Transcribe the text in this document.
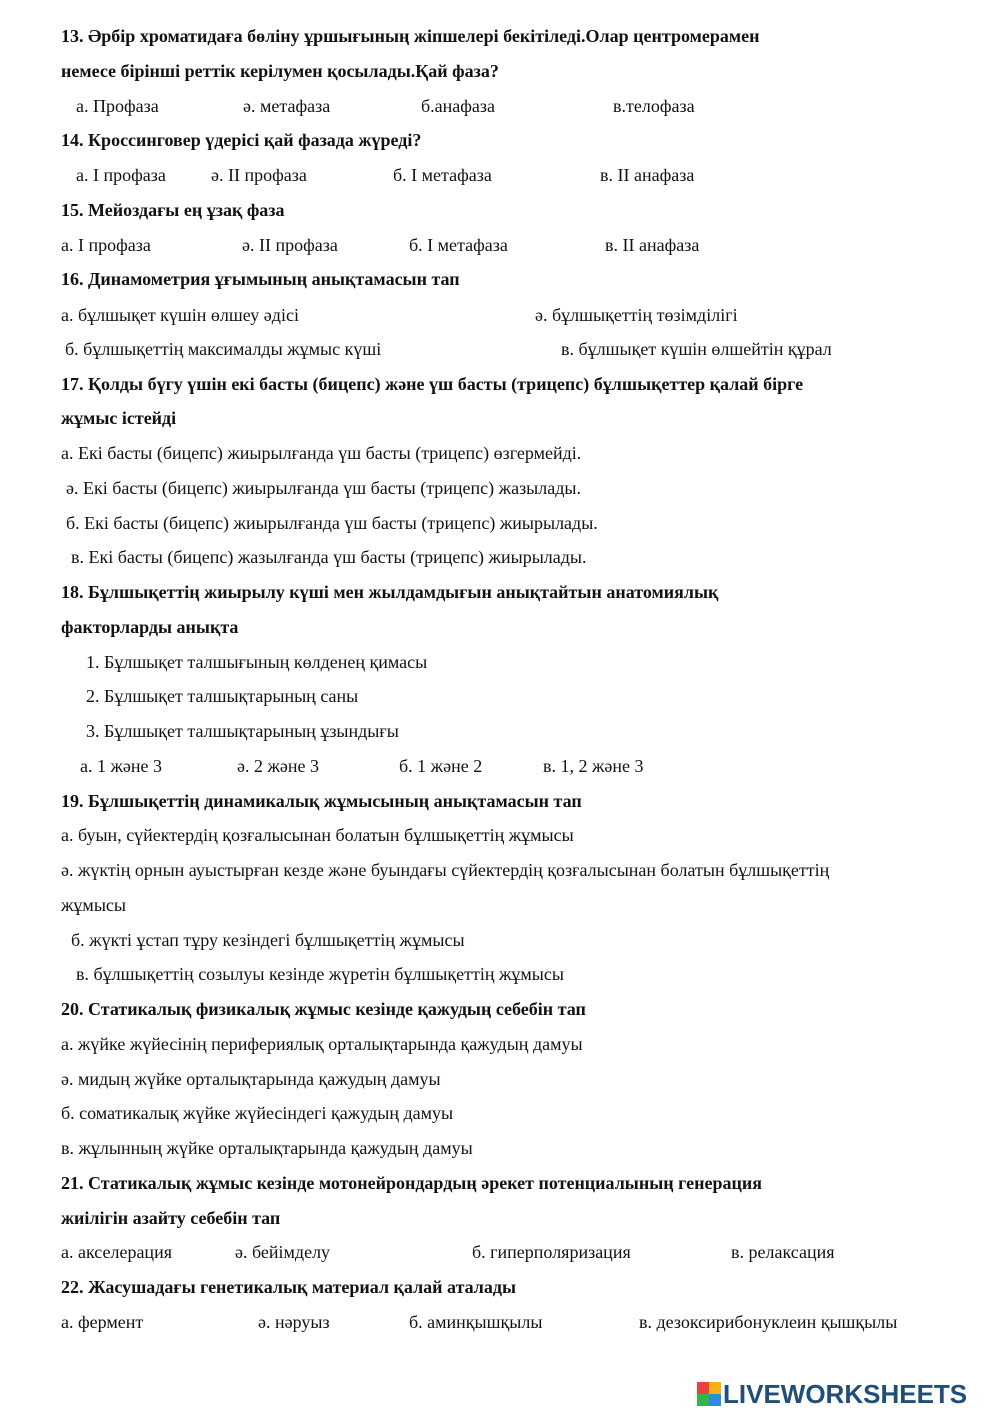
13. Әрбір хроматидаға бөліну ұршығының жіпшелері бекітіледі.Олар центромерамен
немесе бірінші реттік керілумен қосылады.Қай фаза?
а. Профаза	ә. метафаза	б.анафаза	в.телофаза
14. Кроссинговер үдерісі қай фазада жүреді?
а. I профаза	ә. II профаза	б. I метафаза	в. II анафаза
15. Мейоздағы ең ұзақ фаза
а. I профаза	ә. II профаза	б. I метафаза	в. II анафаза
16. Динамометрия ұғымының анықтамасын тап
а. бұлшықет күшін өлшеу әдісі	ә. бұлшықеттің төзімділігі
б. бұлшықеттің максималды жұмыс күші	в. бұлшықет күшін өлшейтін құрал
17. Қолды бүгу үшін екі басты (бицепс) және үш басты (трицепс) бұлшықеттер қалай бірге
жұмыс істейді
а. Екі басты (бицепс) жиырылғанда үш басты (трицепс) өзгермейді.
ә. Екі басты (бицепс) жиырылғанда үш басты (трицепс) жазылады.
б. Екі басты (бицепс) жиырылғанда үш басты (трицепс) жиырылады.
в. Екі басты (бицепс) жазылғанда үш басты (трицепс) жиырылады.
18. Бұлшықеттің жиырылу күші мен жылдамдығын анықтайтын анатомиялық
факторларды анықта
1. Бұлшықет талшығының көлденең қимасы
2. Бұлшықет талшықтарының саны
3. Бұлшықет талшықтарының ұзындығы
а. 1 және 3	ә. 2 және 3	б. 1 және 2	в. 1, 2 және 3
19. Бұлшықеттің динамикалық жұмысының анықтамасын тап
а. буын, сүйектердің қозғалысынан болатын бұлшықеттің жұмысы
ә. жүктің орнын ауыстырған кезде және буындағы сүйектердің қозғалысынан болатын бұлшықеттің
жұмысы
б. жүкті ұстап тұру кезіндегі бұлшықеттің жұмысы
в. бұлшықеттің созылуы кезінде жүретін бұлшықеттің жұмысы
20. Статикалық физикалық жұмыс кезінде қажудың себебін тап
а. жүйке жүйесінің перифериялық орталықтарында қажудың дамуы
ә. мидың жүйке орталықтарында қажудың дамуы
б. соматикалық жүйке жүйесіндегі қажудың дамуы
в. жұлынның жүйке орталықтарында қажудың дамуы
21. Статикалық жұмыс кезінде мотонейрондардың әрекет потенциалының генерация
жиілігін азайту себебін тап
а. акселерация	ә. бейімделу	б. гиперполяризация	в. релаксация
22. Жасушадағы генетикалық материал қалай аталады
а. фермент	ә. нәруыз	б. аминқышқылы	в. дезоксирибонуклеин қышқылы
LIVEWORKSHEETS
